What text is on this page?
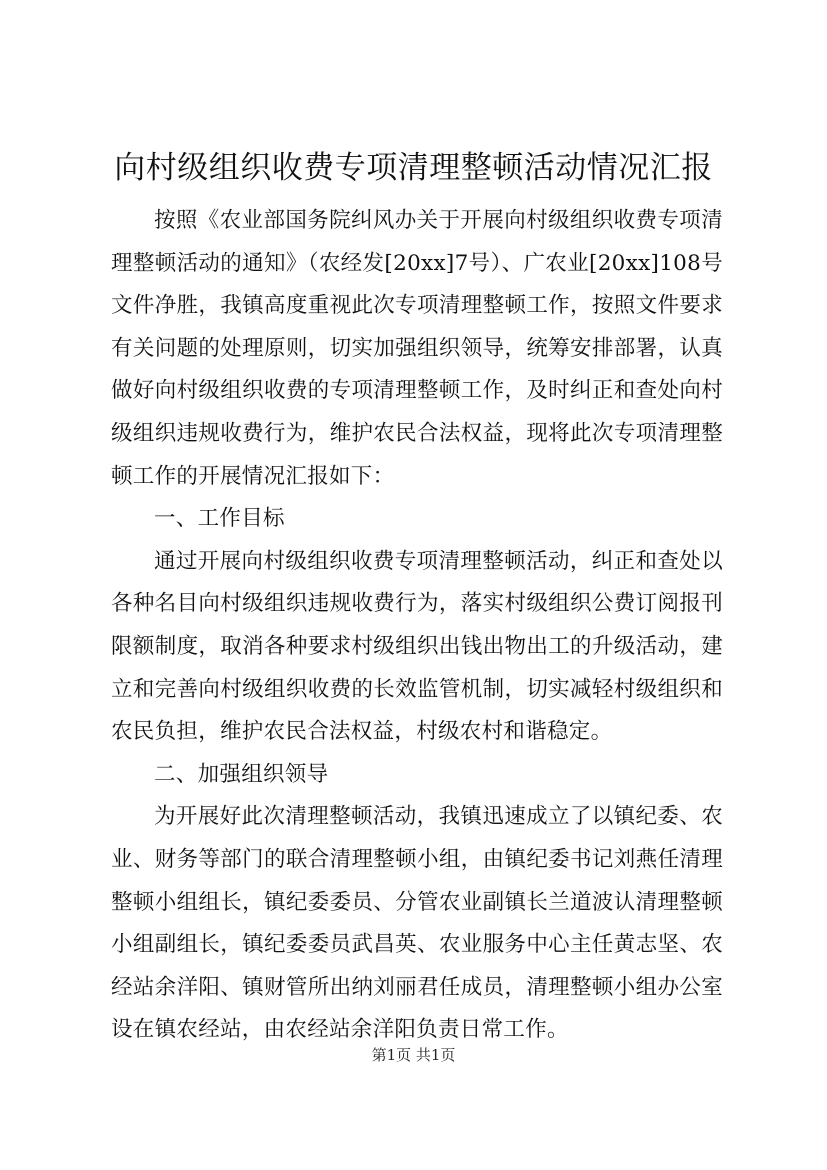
向村级组织收费专项清理整顿活动情况汇报

按照《农业部国务院纠风办关于开展向村级组织收费专项清理整顿活动的通知》（农经发[20xx]7号）、广农业[20xx]108号文件净胜，我镇高度重视此次专项清理整顿工作，按照文件要求有关问题的处理原则，切实加强组织领导，统筹安排部署，认真做好向村级组织收费的专项清理整顿工作，及时纠正和查处向村级组织违规收费行为，维护农民合法权益，现将此次专项清理整顿工作的开展情况汇报如下：

一、工作目标

通过开展向村级组织收费专项清理整顿活动，纠正和查处以各种名目向村级组织违规收费行为，落实村级组织公费订阅报刊限额制度，取消各种要求村级组织出钱出物出工的升级活动，建立和完善向村级组织收费的长效监管机制，切实减轻村级组织和农民负担，维护农民合法权益，村级农村和谐稳定。

二、加强组织领导

为开展好此次清理整顿活动，我镇迅速成立了以镇纪委、农业、财务等部门的联合清理整顿小组，由镇纪委书记刘燕任清理整顿小组组长，镇纪委委员、分管农业副镇长兰道波认清理整顿小组副组长，镇纪委委员武昌英、农业服务中心主任黄志坚、农经站余洋阳、镇财管所出纳刘丽君任成员，清理整顿小组办公室设在镇农经站，由农经站余洋阳负责日常工作。

第1页 共1页
